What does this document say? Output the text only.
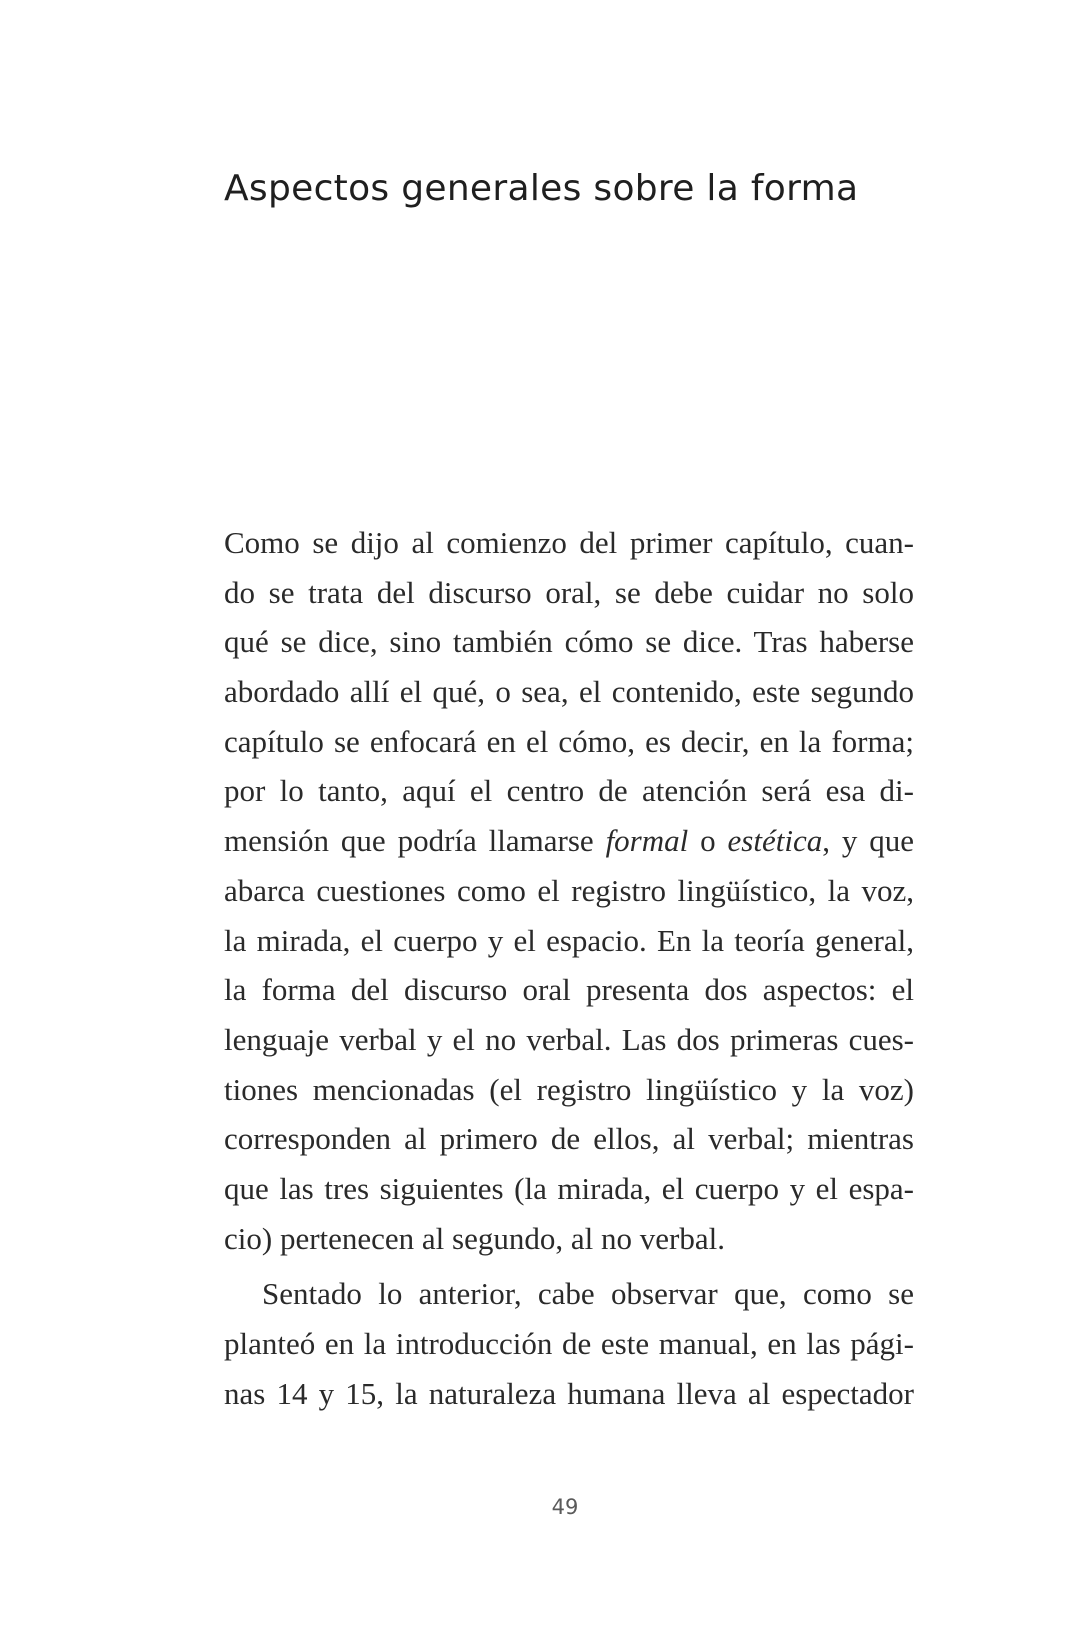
Aspectos generales sobre la forma
Como se dijo al comienzo del primer capítulo, cuan-
do se trata del discurso oral, se debe cuidar no solo
qué se dice, sino también cómo se dice. Tras haberse
abordado allí el qué, o sea, el contenido, este segundo
capítulo se enfocará en el cómo, es decir, en la forma;
por lo tanto, aquí el centro de atención será esa di-
mensión que podría llamarse formal o estética, y que
abarca cuestiones como el registro lingüístico, la voz,
la mirada, el cuerpo y el espacio. En la teoría general,
la forma del discurso oral presenta dos aspectos: el
lenguaje verbal y el no verbal. Las dos primeras cues-
tiones mencionadas (el registro lingüístico y la voz)
corresponden al primero de ellos, al verbal; mientras
que las tres siguientes (la mirada, el cuerpo y el espa-
cio) pertenecen al segundo, al no verbal.
Sentado lo anterior, cabe observar que, como se
planteó en la introducción de este manual, en las pági-
nas 14 y 15, la naturaleza humana lleva al espectador
49
